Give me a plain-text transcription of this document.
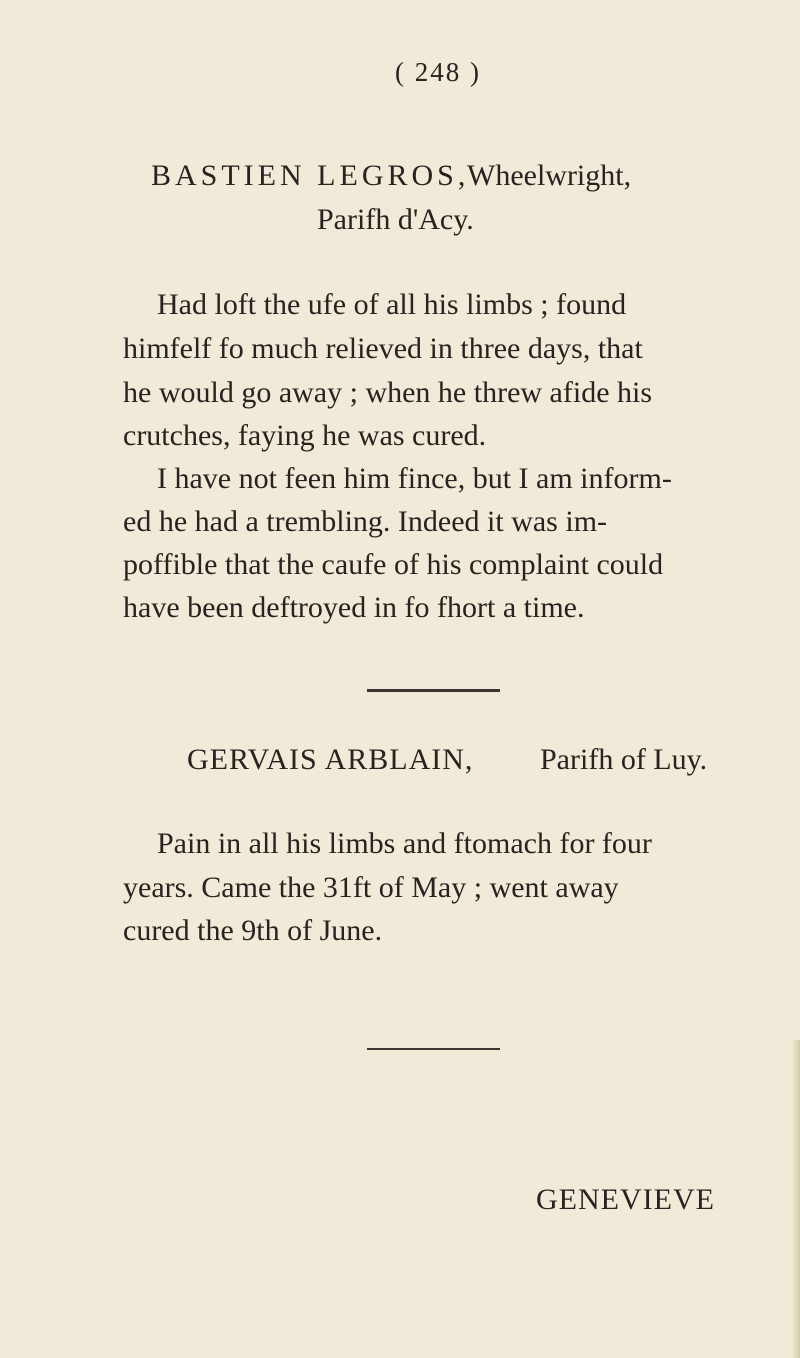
( 248 )
BASTIEN LEGROS,
Wheelwright,
Parifh d'Acy.
Had loft the ufe of all his limbs ; found
himfelf fo much relieved in three days, that
he would go away ; when he threw afide his
crutches, faying he was cured.
I have not feen him fince, but I am inform-
ed he had a trembling. Indeed it was im-
poffible that the caufe of his complaint could
have been deftroyed in fo fhort a time.
GERVAIS ARBLAIN, Parifh of Luy.
Pain in all his limbs and ftomach for four
years. Came the 31ft of May ; went away
cured the 9th of June.
GENEVIEVE
